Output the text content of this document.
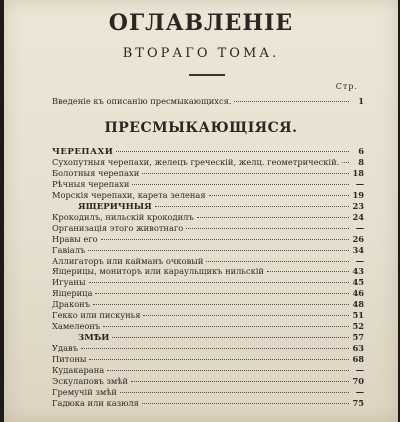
ОГЛАВЛЕНІЕ
ВТОРАГО ТОМА.
Стр.
Введеніе къ описанію пресмыкающихся.	1
ПРЕСМЫКАЮЩІЯСЯ.
ЧЕРЕПАХИ	6
Сухопутныя черепахи, желецъ греческій, желц. геометрическій.	8
Болотныя черепахи	18
Рѣчныя черепахи	—
Морскія черепахи, карета зеленая	19
ЯЩЕРИЧНЫЯ	23
Крокодилъ, нильскій крокодилъ	24
Организація этого животнаго	—
Нравы его	26
Гавіалъ	34
Аллигаторъ или кайманъ очковый	—
Ящерицы, мониторъ или караульщикъ нильскій	43
Игуаны	45
Ящерица	46
Драконъ	48
Гекко или пискунья	51
Хамелеонъ	52
ЗМѢИ	57
Удавъ	63
Питоны	68
Кудакарана	—
Эскулаповъ змѣй	70
Гремучій змѣй	—
Гадюка или казюля	75
